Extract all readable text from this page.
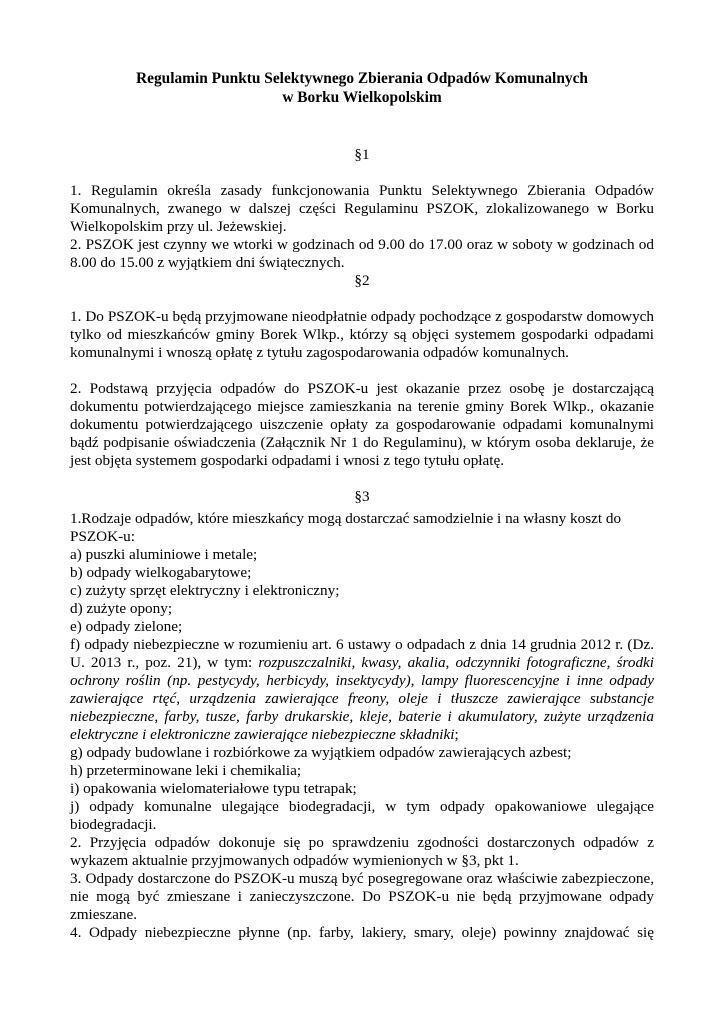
Regulamin Punktu Selektywnego Zbierania Odpadów Komunalnych
w Borku Wielkopolskim
§1
1. Regulamin określa zasady funkcjonowania Punktu Selektywnego Zbierania Odpadów Komunalnych, zwanego w dalszej części Regulaminu PSZOK, zlokalizowanego w Borku Wielkopolskim przy ul. Jeżewskiej.
2. PSZOK jest czynny we wtorki w godzinach od 9.00 do 17.00 oraz w soboty w godzinach od 8.00 do 15.00 z wyjątkiem dni świątecznych.
§2
1. Do PSZOK-u będą przyjmowane nieodpłatnie odpady pochodzące z gospodarstw domowych tylko od mieszkańców gminy Borek Wlkp., którzy są objęci systemem gospodarki odpadami komunalnymi i wnoszą opłatę z tytułu zagospodarowania odpadów komunalnych.
2. Podstawą przyjęcia odpadów do PSZOK-u jest okazanie przez osobę je dostarczającą dokumentu potwierdzającego miejsce zamieszkania na terenie gminy Borek Wlkp., okazanie dokumentu potwierdzającego uiszczenie opłaty za gospodarowanie odpadami komunalnymi bądź podpisanie oświadczenia (Załącznik Nr 1 do Regulaminu), w którym osoba deklaruje, że jest objęta systemem gospodarki odpadami i wnosi z tego tytułu opłatę.
§3
1.Rodzaje odpadów, które mieszkańcy mogą dostarczać samodzielnie i na własny koszt do
PSZOK-u:
a) puszki aluminiowe i metale;
b) odpady wielkogabarytowe;
c) zużyty sprzęt elektryczny i elektroniczny;
d) zużyte opony;
e) odpady zielone;
f) odpady niebezpieczne w rozumieniu art. 6 ustawy o odpadach z dnia 14 grudnia 2012 r. (Dz. U. 2013 r., poz. 21), w tym: rozpuszczalniki, kwasy, akalia, odczynniki fotograficzne, środki ochrony roślin (np. pestycydy, herbicydy, insektycydy), lampy fluorescencyjne i inne odpady zawierające rtęć, urządzenia zawierające freony, oleje i tłuszcze zawierające substancje niebezpieczne, farby, tusze, farby drukarskie, kleje, baterie i akumulatory, zużyte urządzenia elektryczne i elektroniczne zawierające niebezpieczne składniki;
g) odpady budowlane i rozbiórkowe za wyjątkiem odpadów zawierających azbest;
h) przeterminowane leki i chemikalia;
i) opakowania wielomateriałowe typu tetrapak;
j) odpady komunalne ulegające biodegradacji, w tym odpady opakowaniowe ulegające biodegradacji.
2. Przyjęcia odpadów dokonuje się po sprawdzeniu zgodności dostarczonych odpadów z wykazem aktualnie przyjmowanych odpadów wymienionych w §3, pkt 1.
3. Odpady dostarczone do PSZOK-u muszą być posegregowane oraz właściwie zabezpieczone, nie mogą być zmieszane i zanieczyszczone. Do PSZOK-u nie będą przyjmowane odpady zmieszane.
4. Odpady niebezpieczne płynne (np. farby, lakiery, smary, oleje) powinny znajdować się
